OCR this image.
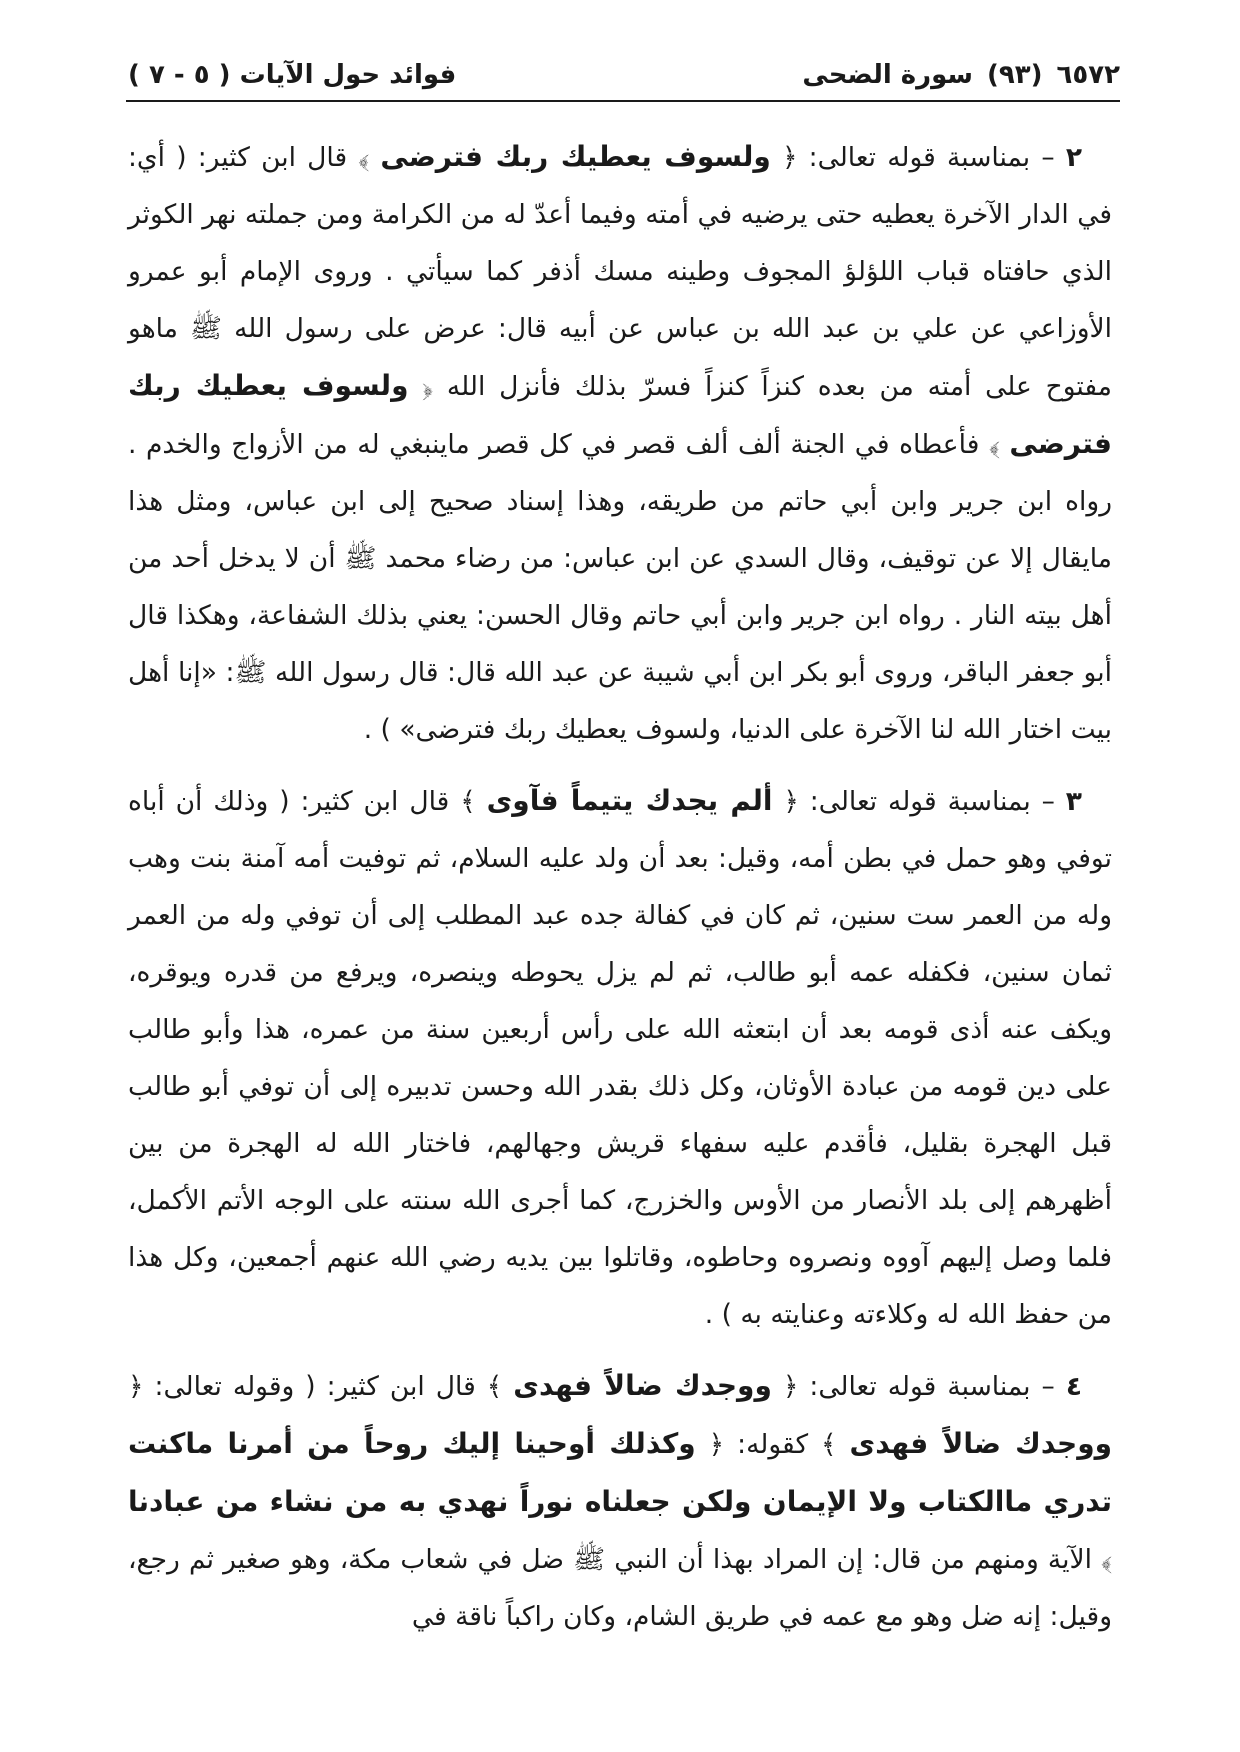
٦٥٧٢
(٩٣)
سورة الضحى
فوائد حول الآيات ( ٥ - ٧ )

٢ – بمناسبة قوله تعالى: ﴿ ولسوف يعطيك ربك فترضى ﴾ قال ابن كثير: ( أي: في الدار الآخرة يعطيه حتى يرضيه في أمته وفيما أعدّ له من الكرامة ومن جملته نهر الكوثر الذي حافتاه قباب اللؤلؤ المجوف وطينه مسك أذفر كما سيأتي . وروى الإمام أبو عمرو الأوزاعي عن علي بن عبد الله بن عباس عن أبيه قال: عرض على رسول الله ﷺ ماهو مفتوح على أمته من بعده كنزاً كنزاً فسرّ بذلك فأنزل الله ﴿ ولسوف يعطيك ربك فترضى ﴾ فأعطاه في الجنة ألف ألف قصر في كل قصر ماينبغي له من الأزواج والخدم . رواه ابن جرير وابن أبي حاتم من طريقه، وهذا إسناد صحيح إلى ابن عباس، ومثل هذا مايقال إلا عن توقيف، وقال السدي عن ابن عباس: من رضاء محمد ﷺ أن لا يدخل أحد من أهل بيته النار . رواه ابن جرير وابن أبي حاتم وقال الحسن: يعني بذلك الشفاعة، وهكذا قال أبو جعفر الباقر، وروى أبو بكر ابن أبي شيبة عن عبد الله قال: قال رسول الله ﷺ: «إنا أهل بيت اختار الله لنا الآخرة على الدنيا، ولسوف يعطيك ربك فترضى» ) .

٣ – بمناسبة قوله تعالى: ﴿ ألم يجدك يتيماً فآوى ﴾ قال ابن كثير: ( وذلك أن أباه توفي وهو حمل في بطن أمه، وقيل: بعد أن ولد عليه السلام، ثم توفيت أمه آمنة بنت وهب وله من العمر ست سنين، ثم كان في كفالة جده عبد المطلب إلى أن توفي وله من العمر ثمان سنين، فكفله عمه أبو طالب، ثم لم يزل يحوطه وينصره، ويرفع من قدره ويوقره، ويكف عنه أذى قومه بعد أن ابتعثه الله على رأس أربعين سنة من عمره، هذا وأبو طالب على دين قومه من عبادة الأوثان، وكل ذلك بقدر الله وحسن تدبيره إلى أن توفي أبو طالب قبل الهجرة بقليل، فأقدم عليه سفهاء قريش وجهالهم، فاختار الله له الهجرة من بين أظهرهم إلى بلد الأنصار من الأوس والخزرج، كما أجرى الله سنته على الوجه الأتم الأكمل، فلما وصل إليهم آووه ونصروه وحاطوه، وقاتلوا بين يديه رضي الله عنهم أجمعين، وكل هذا من حفظ الله له وكلاءته وعنايته به ) .

٤ – بمناسبة قوله تعالى: ﴿ ووجدك ضالاً فهدى ﴾ قال ابن كثير: ( وقوله تعالى: ﴿ ووجدك ضالاً فهدى ﴾ كقوله: ﴿ وكذلك أوحينا إليك روحاً من أمرنا ماكنت تدري ماالكتاب ولا الإيمان ولكن جعلناه نوراً نهدي به من نشاء من عبادنا ﴾ الآية ومنهم من قال: إن المراد بهذا أن النبي ﷺ ضل في شعاب مكة، وهو صغير ثم رجع، وقيل: إنه ضل وهو مع عمه في طريق الشام، وكان راكباً ناقة في
